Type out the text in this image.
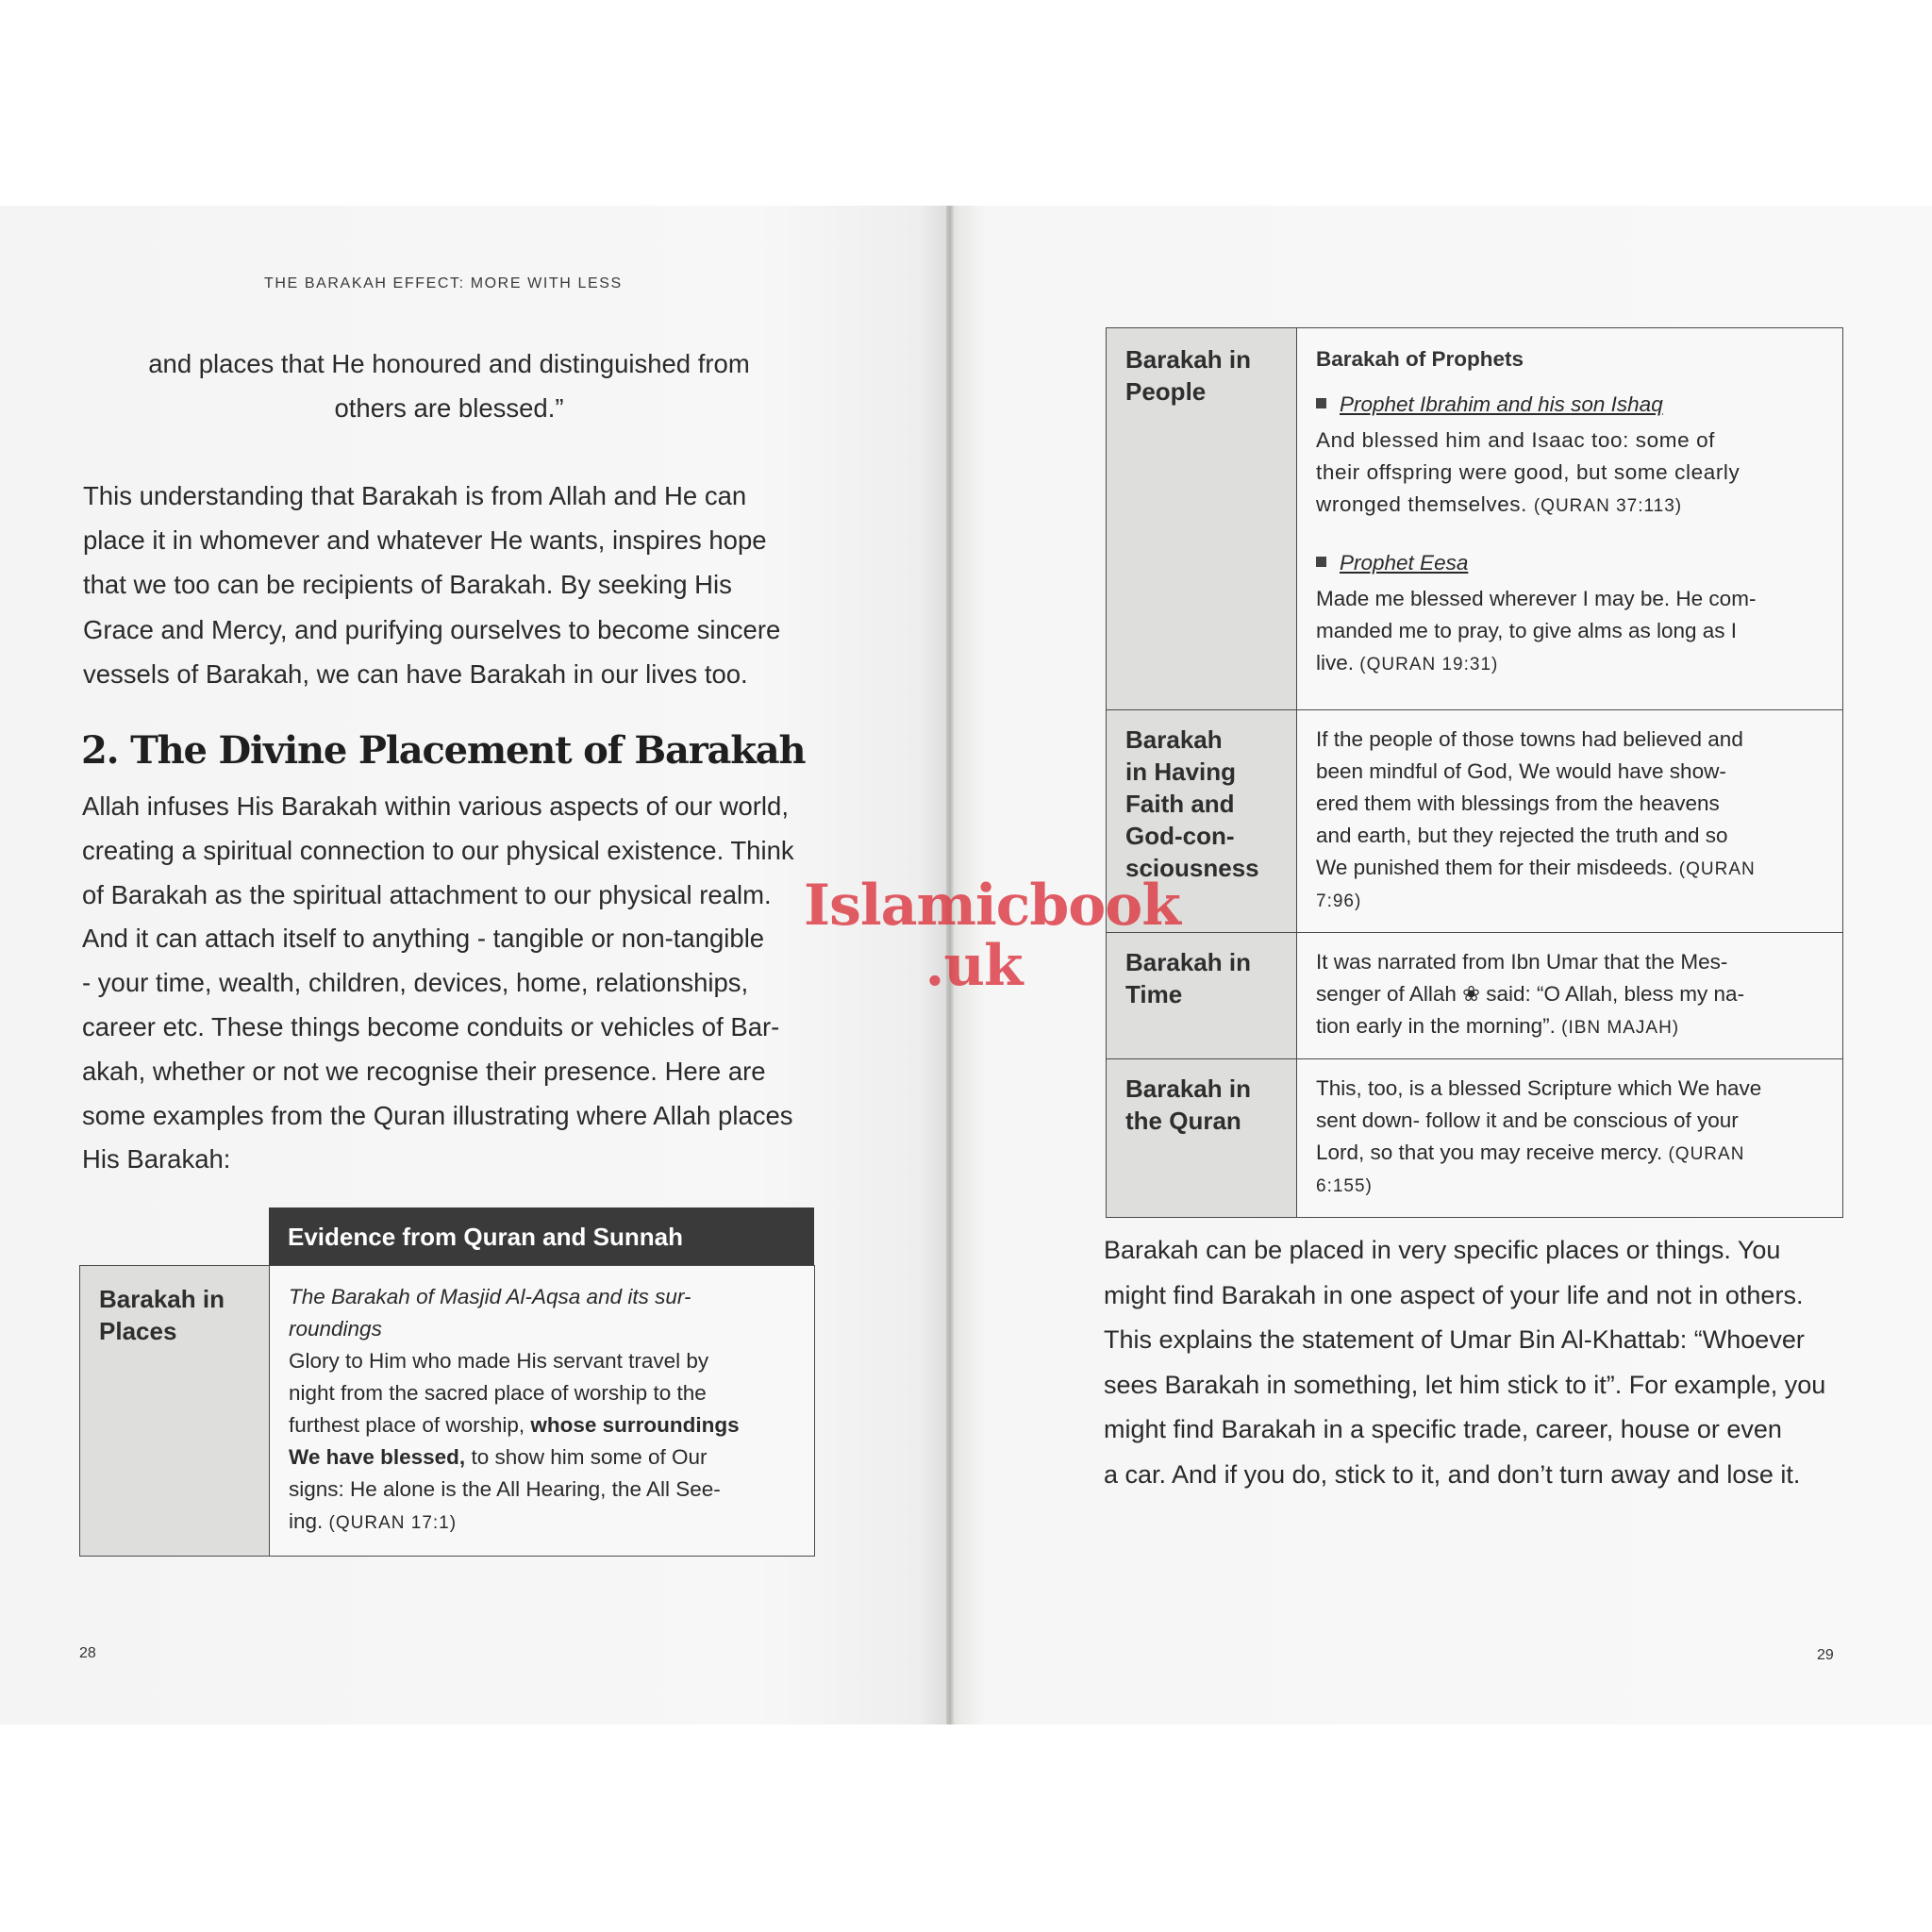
THE BARAKAH EFFECT: MORE WITH LESS
and places that He honoured and distinguished from
others are blessed.”
This understanding that Barakah is from Allah and He can
place it in whomever and whatever He wants, inspires hope
that we too can be recipients of Barakah. By seeking His
Grace and Mercy, and purifying ourselves to become sincere
vessels of Barakah, we can have Barakah in our lives too.
2. The Divine Placement of Barakah
Allah infuses His Barakah within various aspects of our world,
creating a spiritual connection to our physical existence. Think
of Barakah as the spiritual attachment to our physical realm.
And it can attach itself to anything - tangible or non-tangible
- your time, wealth, children, devices, home, relationships,
career etc. These things become conduits or vehicles of Bar-
akah, whether or not we recognise their presence. Here are
some examples from the Quran illustrating where Allah places
His Barakah:
Evidence from Quran and Sunnah
Barakah in
Places
The Barakah of Masjid Al-Aqsa and its sur-
roundings
Glory to Him who made His servant travel by
night from the sacred place of worship to the
furthest place of worship, whose surroundings
We have blessed, to show him some of Our
signs: He alone is the All Hearing, the All See-
ing. (QURAN 17:1)
28
Barakah in
People
Barakah of Prophets
Prophet Ibrahim and his son Ishaq
And blessed him and Isaac too: some of
their offspring were good, but some clearly
wronged themselves. (QURAN 37:113)
Prophet Eesa
Made me blessed wherever I may be. He com-
manded me to pray, to give alms as long as I
live. (QURAN 19:31)
Barakah
in Having
Faith and
God-con-
sciousness
If the people of those towns had believed and
been mindful of God, We would have show-
ered them with blessings from the heavens
and earth, but they rejected the truth and so
We punished them for their misdeeds. (QURAN
7:96)
Barakah in
Time
It was narrated from Ibn Umar that the Mes-
senger of Allah ❀ said: “O Allah, bless my na-
tion early in the morning”. (IBN MAJAH)
Barakah in
the Quran
This, too, is a blessed Scripture which We have
sent down- follow it and be conscious of your
Lord, so that you may receive mercy. (QURAN
6:155)
Barakah can be placed in very specific places or things. You
might find Barakah in one aspect of your life and not in others.
This explains the statement of Umar Bin Al-Khattab: “Whoever
sees Barakah in something, let him stick to it”. For example, you
might find Barakah in a specific trade, career, house or even
a car. And if you do, stick to it, and don’t turn away and lose it.
29
Islamicbook
.uk
